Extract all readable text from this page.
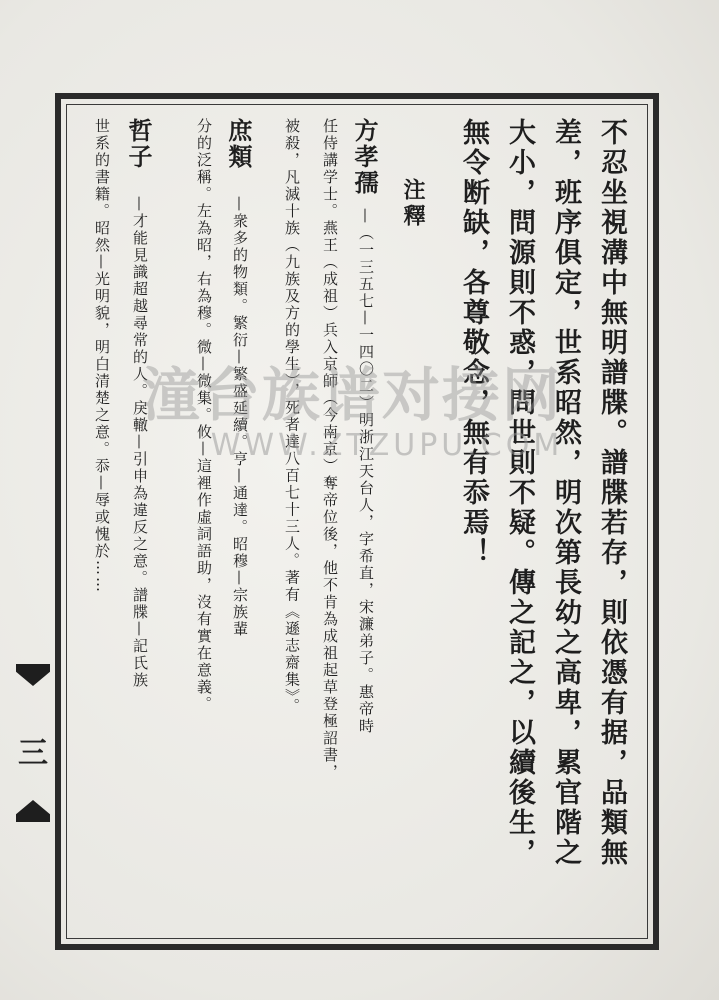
不忍坐視溝中無明譜牒。譜牒若存，則依憑有据，品類無
差，班序俱定，世系昭然，明次第長幼之高卑，累官階之
大小，問源則不惑，問世則不疑。傳之記之，以續後生，
無令断缺，各尊敬念，無有忝焉！
注釋
方孝孺
—（一三五七—一四〇二）明浙江天台人，字希直，宋濂弟子。惠帝時
任侍講学士。燕王（成祖）兵入京師（今南京）奪帝位後，他不肯為成祖起草登極詔書，
被殺，凡滅十族（九族及方的學生），死者達八百七十三人。著有《遜志齋集》。
庶類
—衆多的物類。繁衍—繁盛延續。亨—通達。昭穆—宗族輩
分的泛稱。左為昭，右為穆。微—微集。攸—這裡作虛詞語助，沒有實在意義。
哲子
—才能見識超越尋常的人。戾轍—引申為違反之意。譜牒—記氏族
世系的書籍。昭然—光明貌，明白清楚之意。忝—辱或愧於…… 潼台族谱对接网
WWW.ZTZUPU.COM
三
